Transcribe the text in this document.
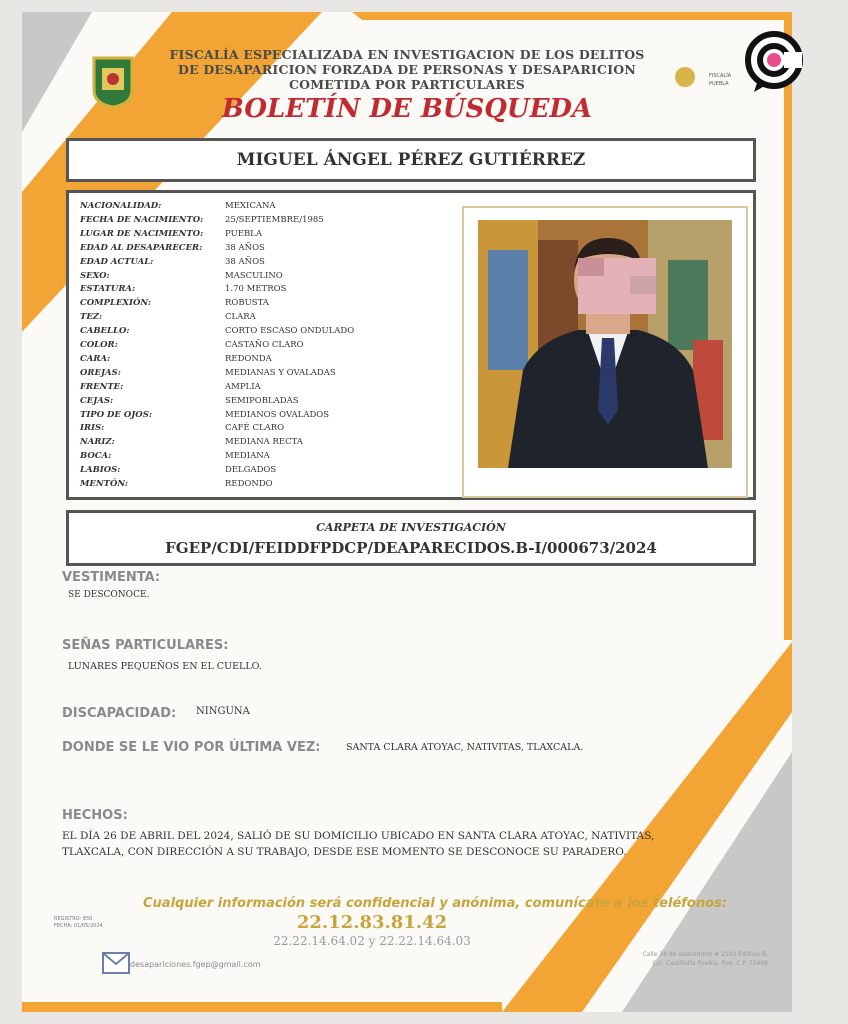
FISCALÍA
PUEBLA
FISCALÍA ESPECIALIZADA EN INVESTIGACION DE LOS DELITOS
DE DESAPARICION FORZADA DE PERSONAS Y DESAPARICION
COMETIDA POR PARTICULARES
BOLETÍN DE BÚSQUEDA
MIGUEL ÁNGEL PÉREZ GUTIÉRREZ
NACIONALIDAD:	MEXICANA
FECHA DE NACIMIENTO:	25/SEPTIEMBRE/1985
LUGAR DE NACIMIENTO:	PUEBLA
EDAD AL DESAPARECER:	38 AÑOS
EDAD ACTUAL:	38 AÑOS
SEXO:	MASCULINO
ESTATURA:	1.70 METROS
COMPLEXIÓN:	ROBUSTA
TEZ:	CLARA
CABELLO:	CORTO ESCASO ONDULADO
COLOR:	CASTAÑO CLARO
CARA:	REDONDA
OREJAS:	MEDIANAS Y OVALADAS
FRENTE:	AMPLIA
CEJAS:	SEMIPOBLADAS
TIPO DE OJOS:	MEDIANOS OVALADOS
IRIS:	CAFÉ CLARO
NARIZ:	MEDIANA RECTA
BOCA:	MEDIANA
LABIOS:	DELGADOS
MENTÓN:	REDONDO
CARPETA DE INVESTIGACIÓN
FGEP/CDI/FEIDDFPDCP/DEAPARECIDOS.B-I/000673/2024
VESTIMENTA:
SE DESCONOCE.
SEÑAS PARTICULARES:
LUNARES PEQUEÑOS EN EL CUELLO.
DISCAPACIDAD: NINGUNA
DONDE SE LE VIO POR ÚLTIMA VEZ:	SANTA CLARA ATOYAC, NATIVITAS, TLAXCALA.
HECHOS:
EL DÍA 26 DE ABRIL DEL 2024, SALIÓ DE SU DOMICILIO UBICADO EN SANTA CLARA ATOYAC, NATIVITAS,
TLAXCALA, CON DIRECCIÓN A SU TRABAJO, DESDE ESE MOMENTO SE DESCONOCE SU PARADERO.
Cualquier información será confidencial y anónima, comunícate a los teléfonos:
22.12.83.81.42
22.22.14.64.02 y 22.22.14.64.03
REGISTRO: 850
FECHA: 01/05/2024
desapariciones.fgep@gmail.com
Calle 16 de septiembre # 2102 Edificio B,
Col. Castillotla Puebla, Pue. C.P. 72498
